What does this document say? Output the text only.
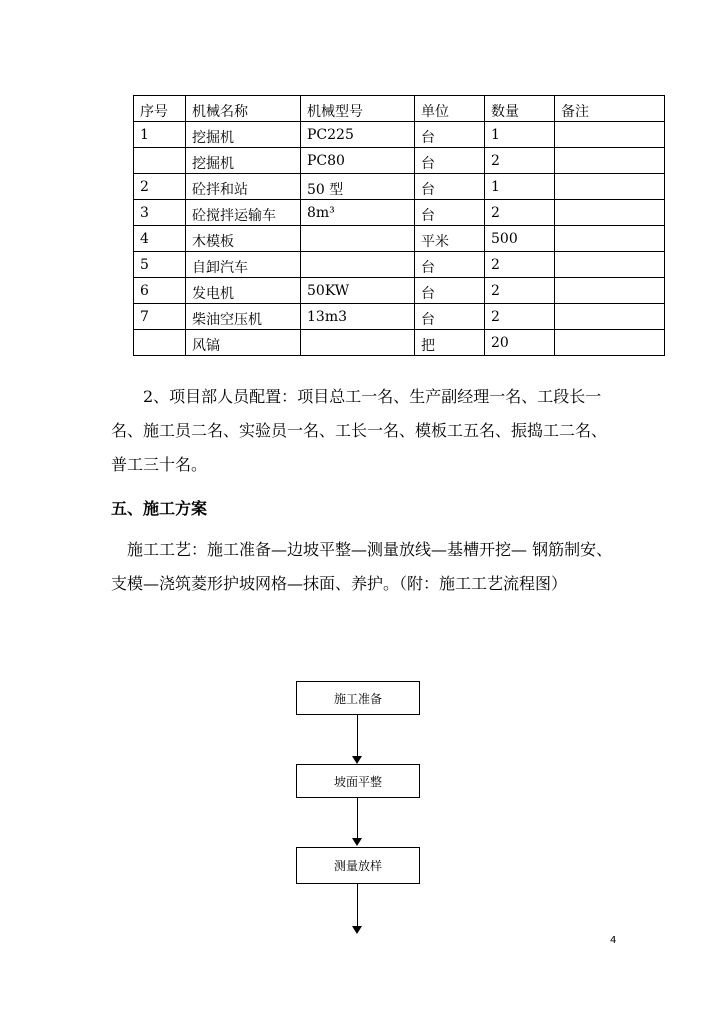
序号	机械名称	机械型号	单位	数量	备注
1	挖掘机	PC225	台	1	
	挖掘机	PC80	台	2	
2	砼拌和站	50 型	台	1	
3	砼搅拌运输车	8m³	台	2	
4	木模板		平米	500	
5	自卸汽车		台	2	
6	发电机	50KW	台	2	
7	柴油空压机	13m3	台	2	
	风镐		把	20	

2、项目部人员配置：项目总工一名、生产副经理一名、工段长一名、施工员二名、实验员一名、工长一名、模板工五名、振捣工二名、普工三十名。

五、施工方案

施工工艺：施工准备—边坡平整—测量放线—基槽开挖— 钢筋制安、支模—浇筑菱形护坡网格—抹面、养护。（附：施工工艺流程图）

施工准备
坡面平整
测量放样
4
